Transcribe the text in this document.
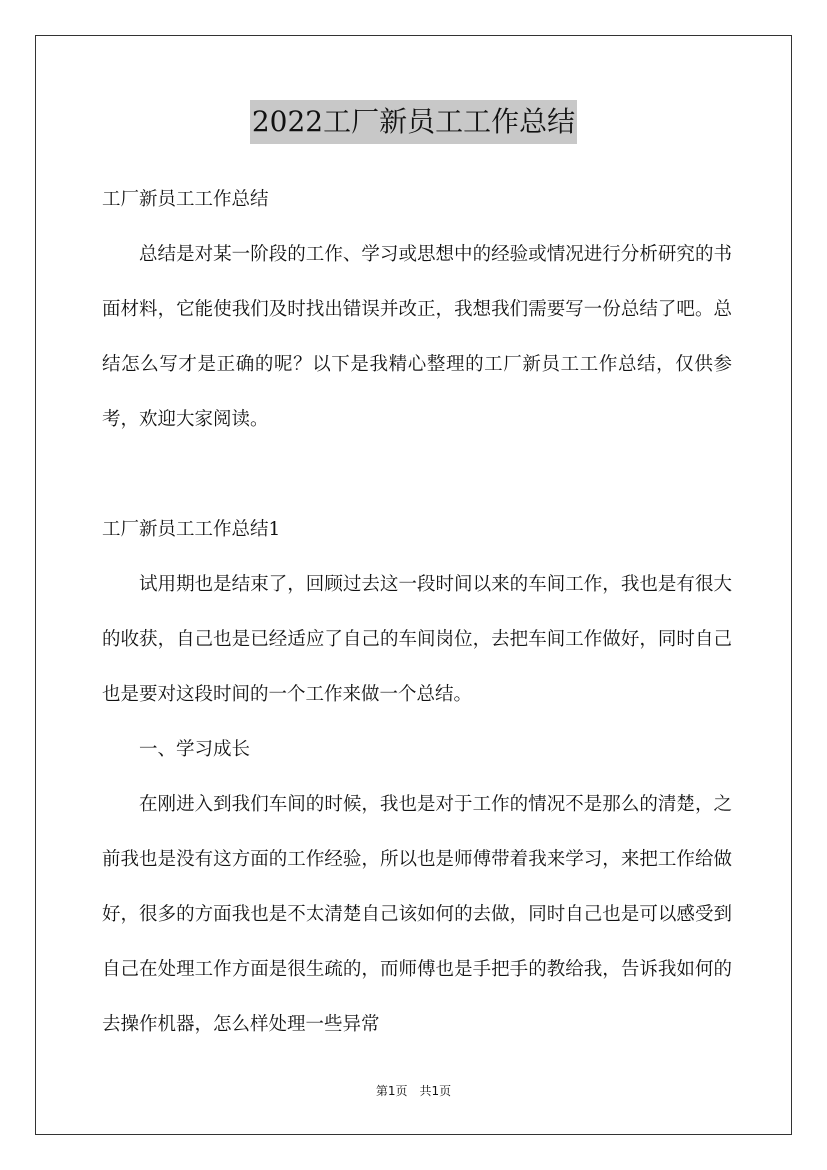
2022工厂新员工工作总结

工厂新员工工作总结

总结是对某一阶段的工作、学习或思想中的经验或情况进行分析研究的书面材料，它能使我们及时找出错误并改正，我想我们需要写一份总结了吧。总结怎么写才是正确的呢？以下是我精心整理的工厂新员工工作总结，仅供参考，欢迎大家阅读。

工厂新员工工作总结1

试用期也是结束了，回顾过去这一段时间以来的车间工作，我也是有很大的收获，自己也是已经适应了自己的车间岗位，去把车间工作做好，同时自己也是要对这段时间的一个工作来做一个总结。

一、学习成长

在刚进入到我们车间的时候，我也是对于工作的情况不是那么的清楚，之前我也是没有这方面的工作经验，所以也是师傅带着我来学习，来把工作给做好，很多的方面我也是不太清楚自己该如何的去做，同时自己也是可以感受到自己在处理工作方面是很生疏的，而师傅也是手把手的教给我，告诉我如何的去操作机器，怎么样处理一些异常

第1页 共1页
